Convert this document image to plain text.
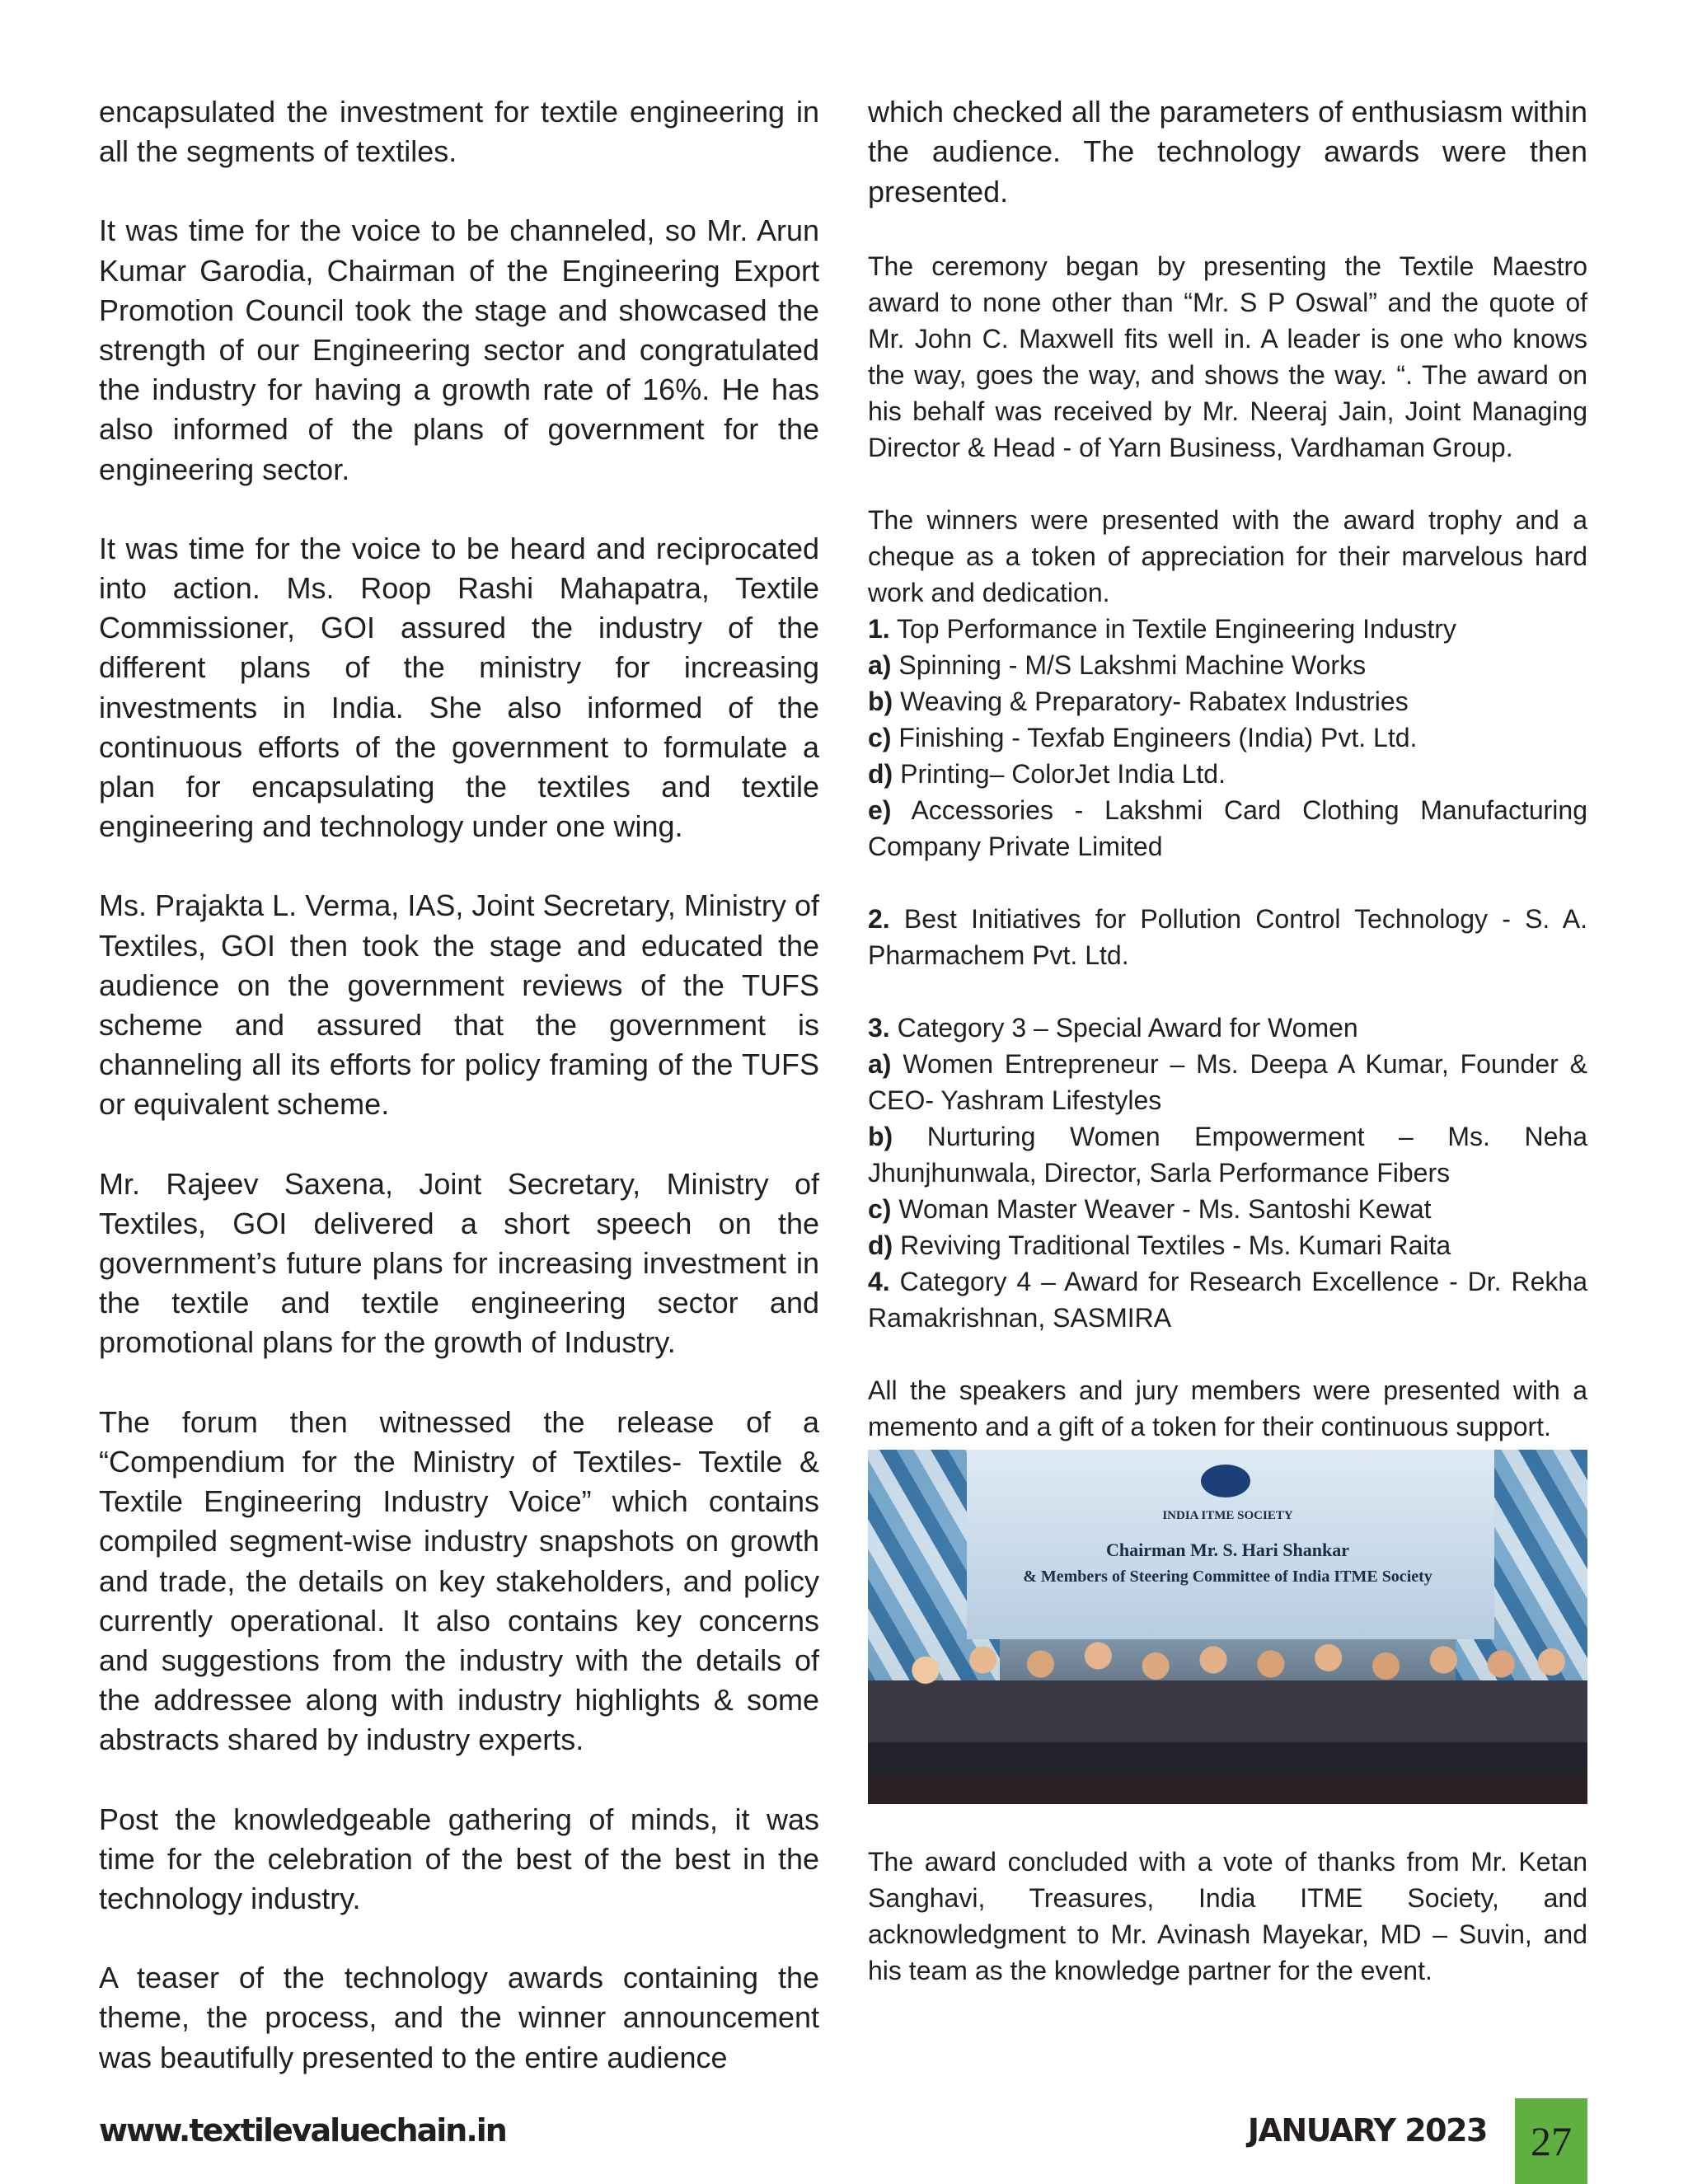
encapsulated the investment for textile engineering in all the segments of textiles.

It was time for the voice to be channeled, so Mr. Arun Kumar Garodia, Chairman of the Engineering Export Promotion Council took the stage and showcased the strength of our Engineering sector and congratulated the industry for having a growth rate of 16%. He has also informed of the plans of government for the engineering sector.

It was time for the voice to be heard and reciprocated into action. Ms. Roop Rashi Mahapatra, Textile Commissioner, GOI assured the industry of the different plans of the ministry for increasing investments in India. She also informed of the continuous efforts of the government to formulate a plan for encapsulating the textiles and textile engineering and technology under one wing.

Ms. Prajakta L. Verma, IAS, Joint Secretary, Ministry of Textiles, GOI then took the stage and educated the audience on the government reviews of the TUFS scheme and assured that the government is channeling all its efforts for policy framing of the TUFS or equivalent scheme.

Mr. Rajeev Saxena, Joint Secretary, Ministry of Textiles, GOI delivered a short speech on the government’s future plans for increasing investment in the textile and textile engineering sector and promotional plans for the growth of Industry.

The forum then witnessed the release of a “Compendium for the Ministry of Textiles- Textile & Textile Engineering Industry Voice” which contains compiled segment-wise industry snapshots on growth and trade, the details on key stakeholders, and policy currently operational. It also contains key concerns and suggestions from the industry with the details of the addressee along with industry highlights & some abstracts shared by industry experts.

Post the knowledgeable gathering of minds, it was time for the celebration of the best of the best in the technology industry.

A teaser of the technology awards containing the theme, the process, and the winner announcement was beautifully presented to the entire audience

which checked all the parameters of enthusiasm within the audience. The technology awards were then presented.

The ceremony began by presenting the Textile Maestro award to none other than “Mr. S P Oswal” and the quote of Mr. John C. Maxwell fits well in. A leader is one who knows the way, goes the way, and shows the way. “. The award on his behalf was received by Mr. Neeraj Jain, Joint Managing Director & Head - of Yarn Business, Vardhaman Group.

The winners were presented with the award trophy and a cheque as a token of appreciation for their marvelous hard work and dedication.

1. Top Performance in Textile Engineering Industry

a) Spinning - M/S Lakshmi Machine Works

b) Weaving & Preparatory- Rabatex Industries

c) Finishing - Texfab Engineers (India) Pvt. Ltd.

d) Printing– ColorJet India Ltd.

e) Accessories - Lakshmi Card Clothing Manufacturing Company Private Limited

2. Best Initiatives for Pollution Control Technology - S. A. Pharmachem Pvt. Ltd.

3. Category 3 – Special Award for Women

a) Women Entrepreneur – Ms. Deepa A Kumar, Founder & CEO- Yashram Lifestyles

b) Nurturing Women Empowerment – Ms. Neha Jhunjhunwala, Director, Sarla Performance Fibers

c) Woman Master Weaver - Ms. Santoshi Kewat

d) Reviving Traditional Textiles - Ms. Kumari Raita

4. Category 4 – Award for Research Excellence - Dr. Rekha Ramakrishnan, SASMIRA

All the speakers and jury members were presented with a memento and a gift of a token for their continuous support.

INDIA ITME SOCIETY
Chairman Mr. S. Hari Shankar
& Members of Steering Committee of India ITME Society

The award concluded with a vote of thanks from Mr. Ketan Sanghavi, Treasures, India ITME Society, and acknowledgment to Mr. Avinash Mayekar, MD – Suvin, and his team as the knowledge partner for the event.

www.textilevaluechain.in	JANUARY 2023 27
